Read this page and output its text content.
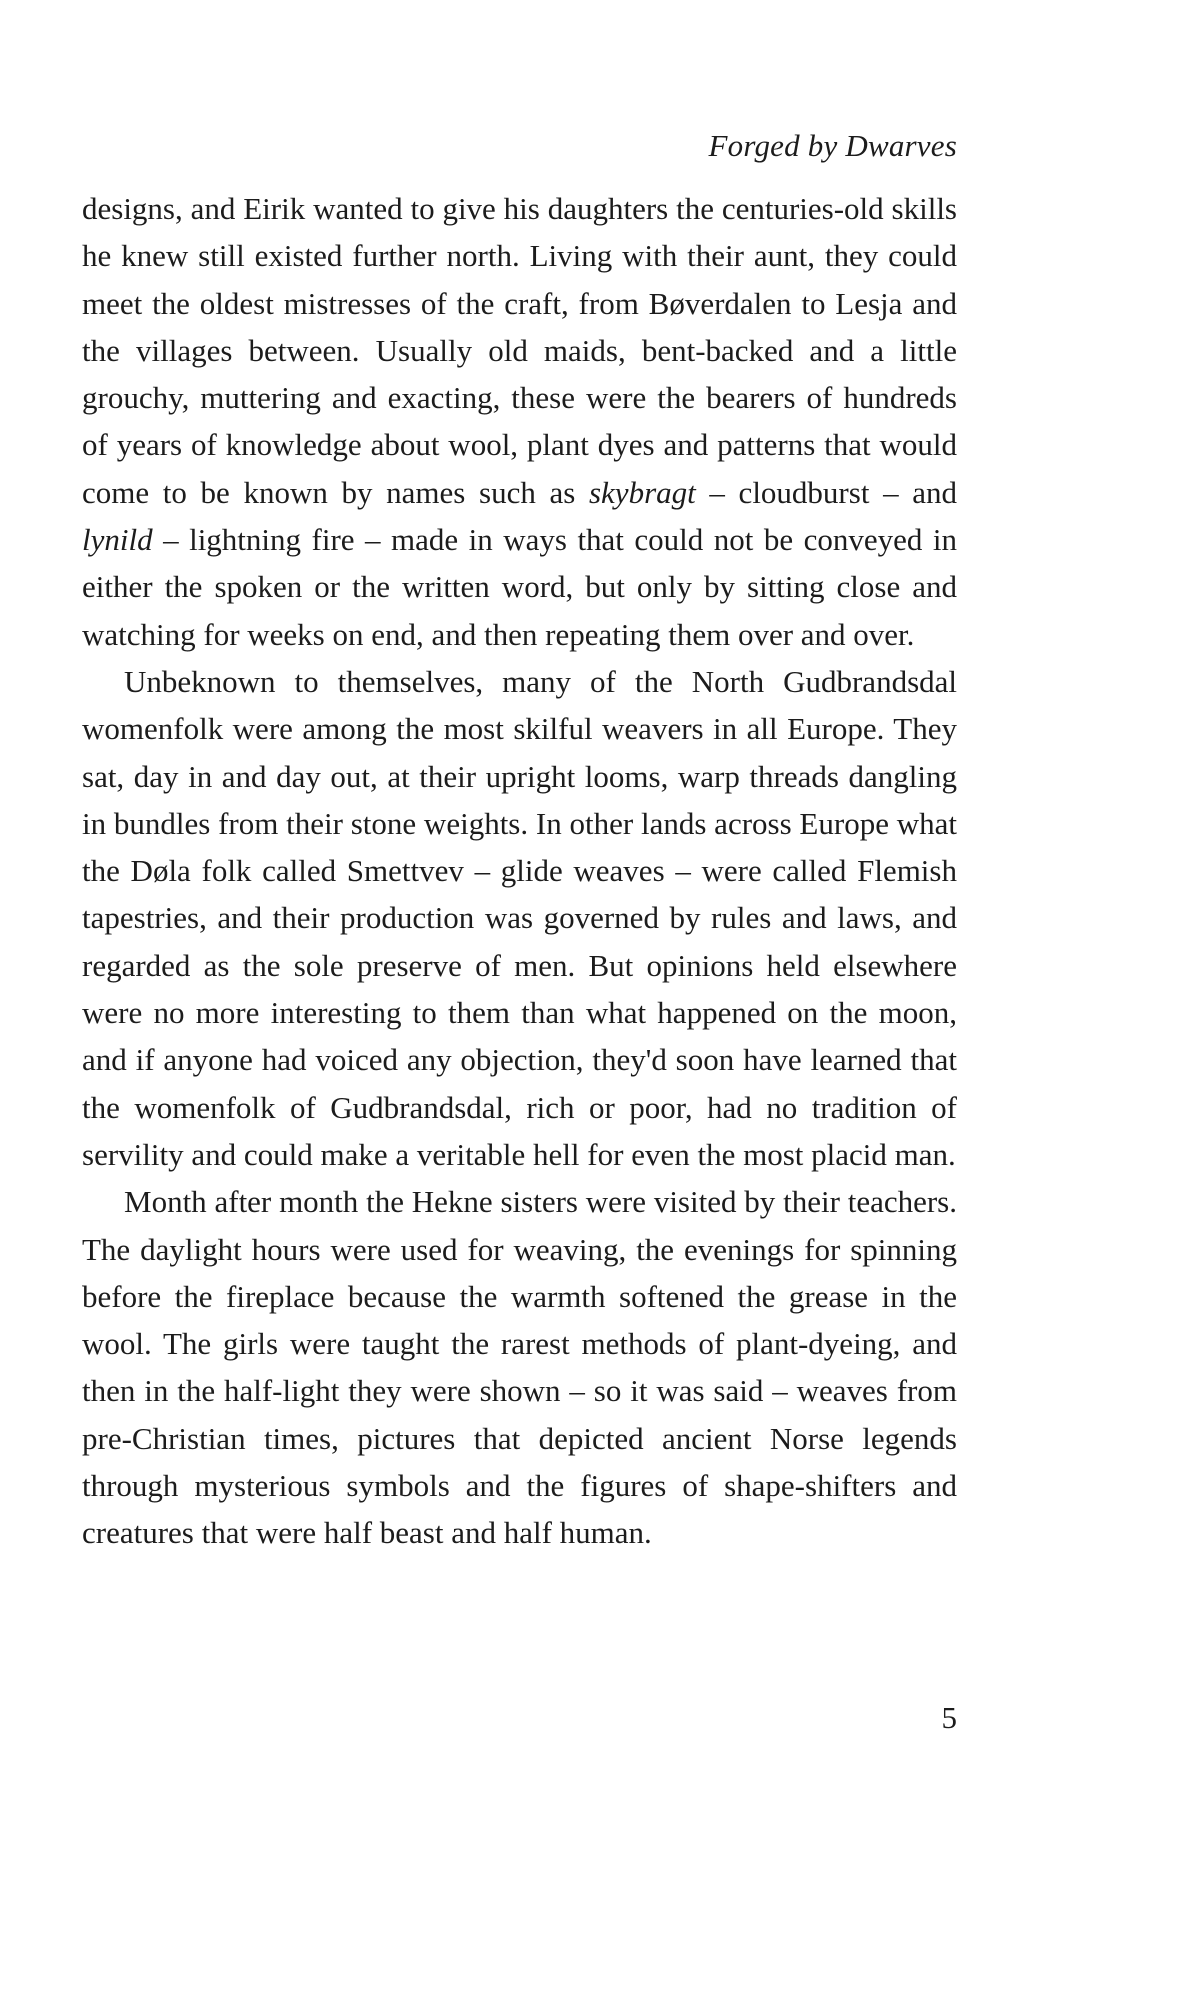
Forged by Dwarves

designs, and Eirik wanted to give his daughters the centuries-old skills he knew still existed further north. Living with their aunt, they could meet the oldest mistresses of the craft, from Bøverdalen to Lesja and the villages between. Usually old maids, bent-backed and a little grouchy, muttering and exacting, these were the bearers of hundreds of years of knowledge about wool, plant dyes and patterns that would come to be known by names such as skybragt – cloudburst – and lynild – lightning fire – made in ways that could not be conveyed in either the spoken or the written word, but only by sitting close and watching for weeks on end, and then repeating them over and over.

Unbeknown to themselves, many of the North Gudbrandsdal womenfolk were among the most skilful weavers in all Europe. They sat, day in and day out, at their upright looms, warp threads dangling in bundles from their stone weights. In other lands across Europe what the Døla folk called Smettvev – glide weaves – were called Flemish tapestries, and their production was governed by rules and laws, and regarded as the sole preserve of men. But opinions held elsewhere were no more interesting to them than what happened on the moon, and if anyone had voiced any objection, they'd soon have learned that the womenfolk of Gudbrandsdal, rich or poor, had no tradition of servility and could make a veritable hell for even the most placid man.

Month after month the Hekne sisters were visited by their teachers. The daylight hours were used for weaving, the evenings for spinning before the fireplace because the warmth softened the grease in the wool. The girls were taught the rarest methods of plant-dyeing, and then in the half-light they were shown – so it was said – weaves from pre-Christian times, pictures that depicted ancient Norse legends through mysterious symbols and the figures of shape-shifters and creatures that were half beast and half human.

5
